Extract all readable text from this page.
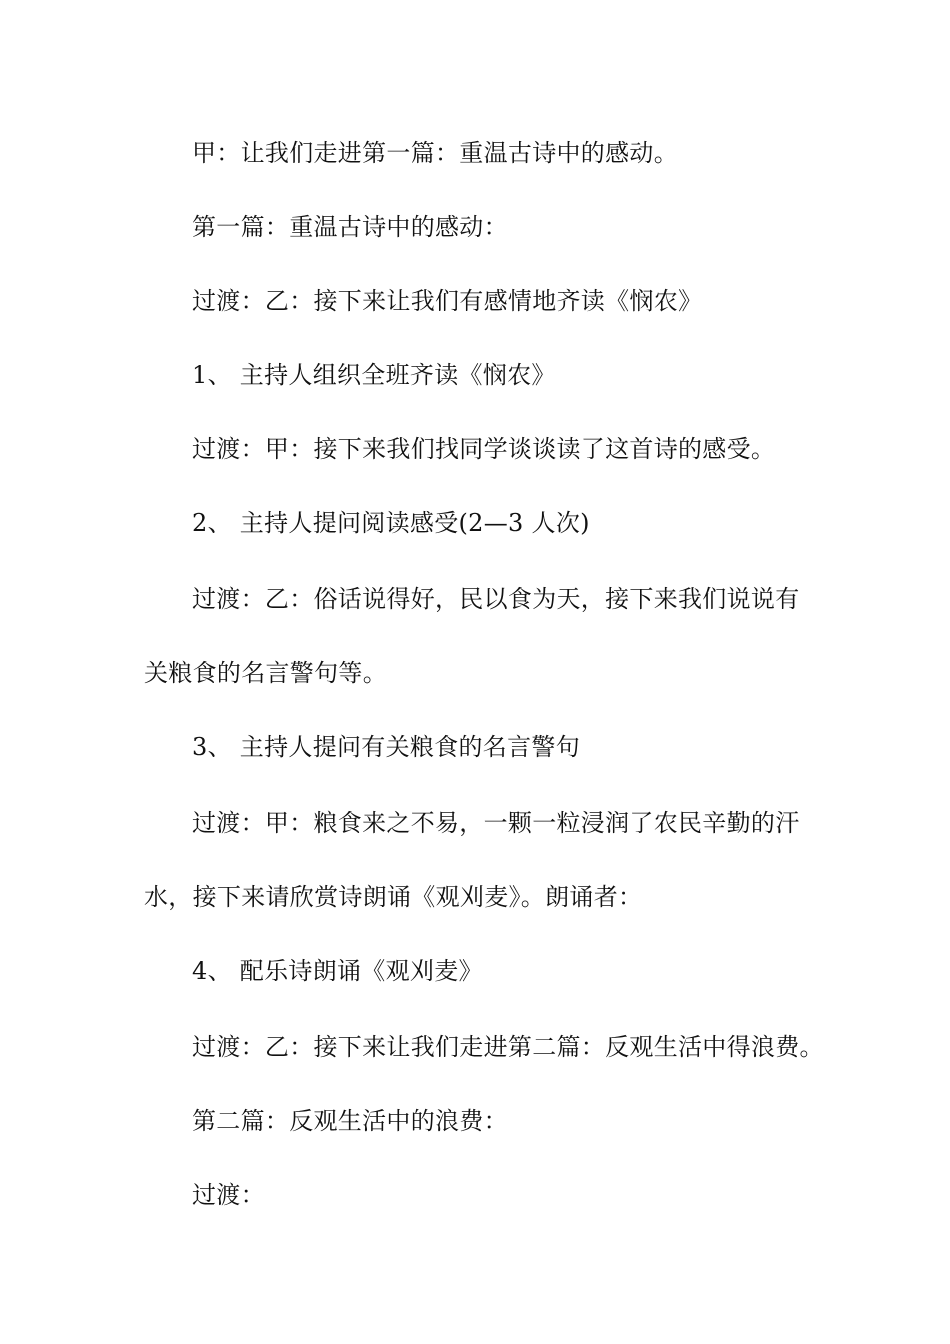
甲：让我们走进第一篇：重温古诗中的感动。
第一篇：重温古诗中的感动：
过渡：乙：接下来让我们有感情地齐读《悯农》
1、 主持人组织全班齐读《悯农》
过渡：甲：接下来我们找同学谈谈读了这首诗的感受。
2、 主持人提问阅读感受(2—3 人次)
过渡：乙：俗话说得好，民以食为天，接下来我们说说有
关粮食的名言警句等。
3、 主持人提问有关粮食的名言警句
过渡：甲：粮食来之不易，一颗一粒浸润了农民辛勤的汗
水，接下来请欣赏诗朗诵《观刈麦》。朗诵者：
4、 配乐诗朗诵《观刈麦》
过渡：乙：接下来让我们走进第二篇：反观生活中得浪费。
第二篇：反观生活中的浪费：
过渡：
